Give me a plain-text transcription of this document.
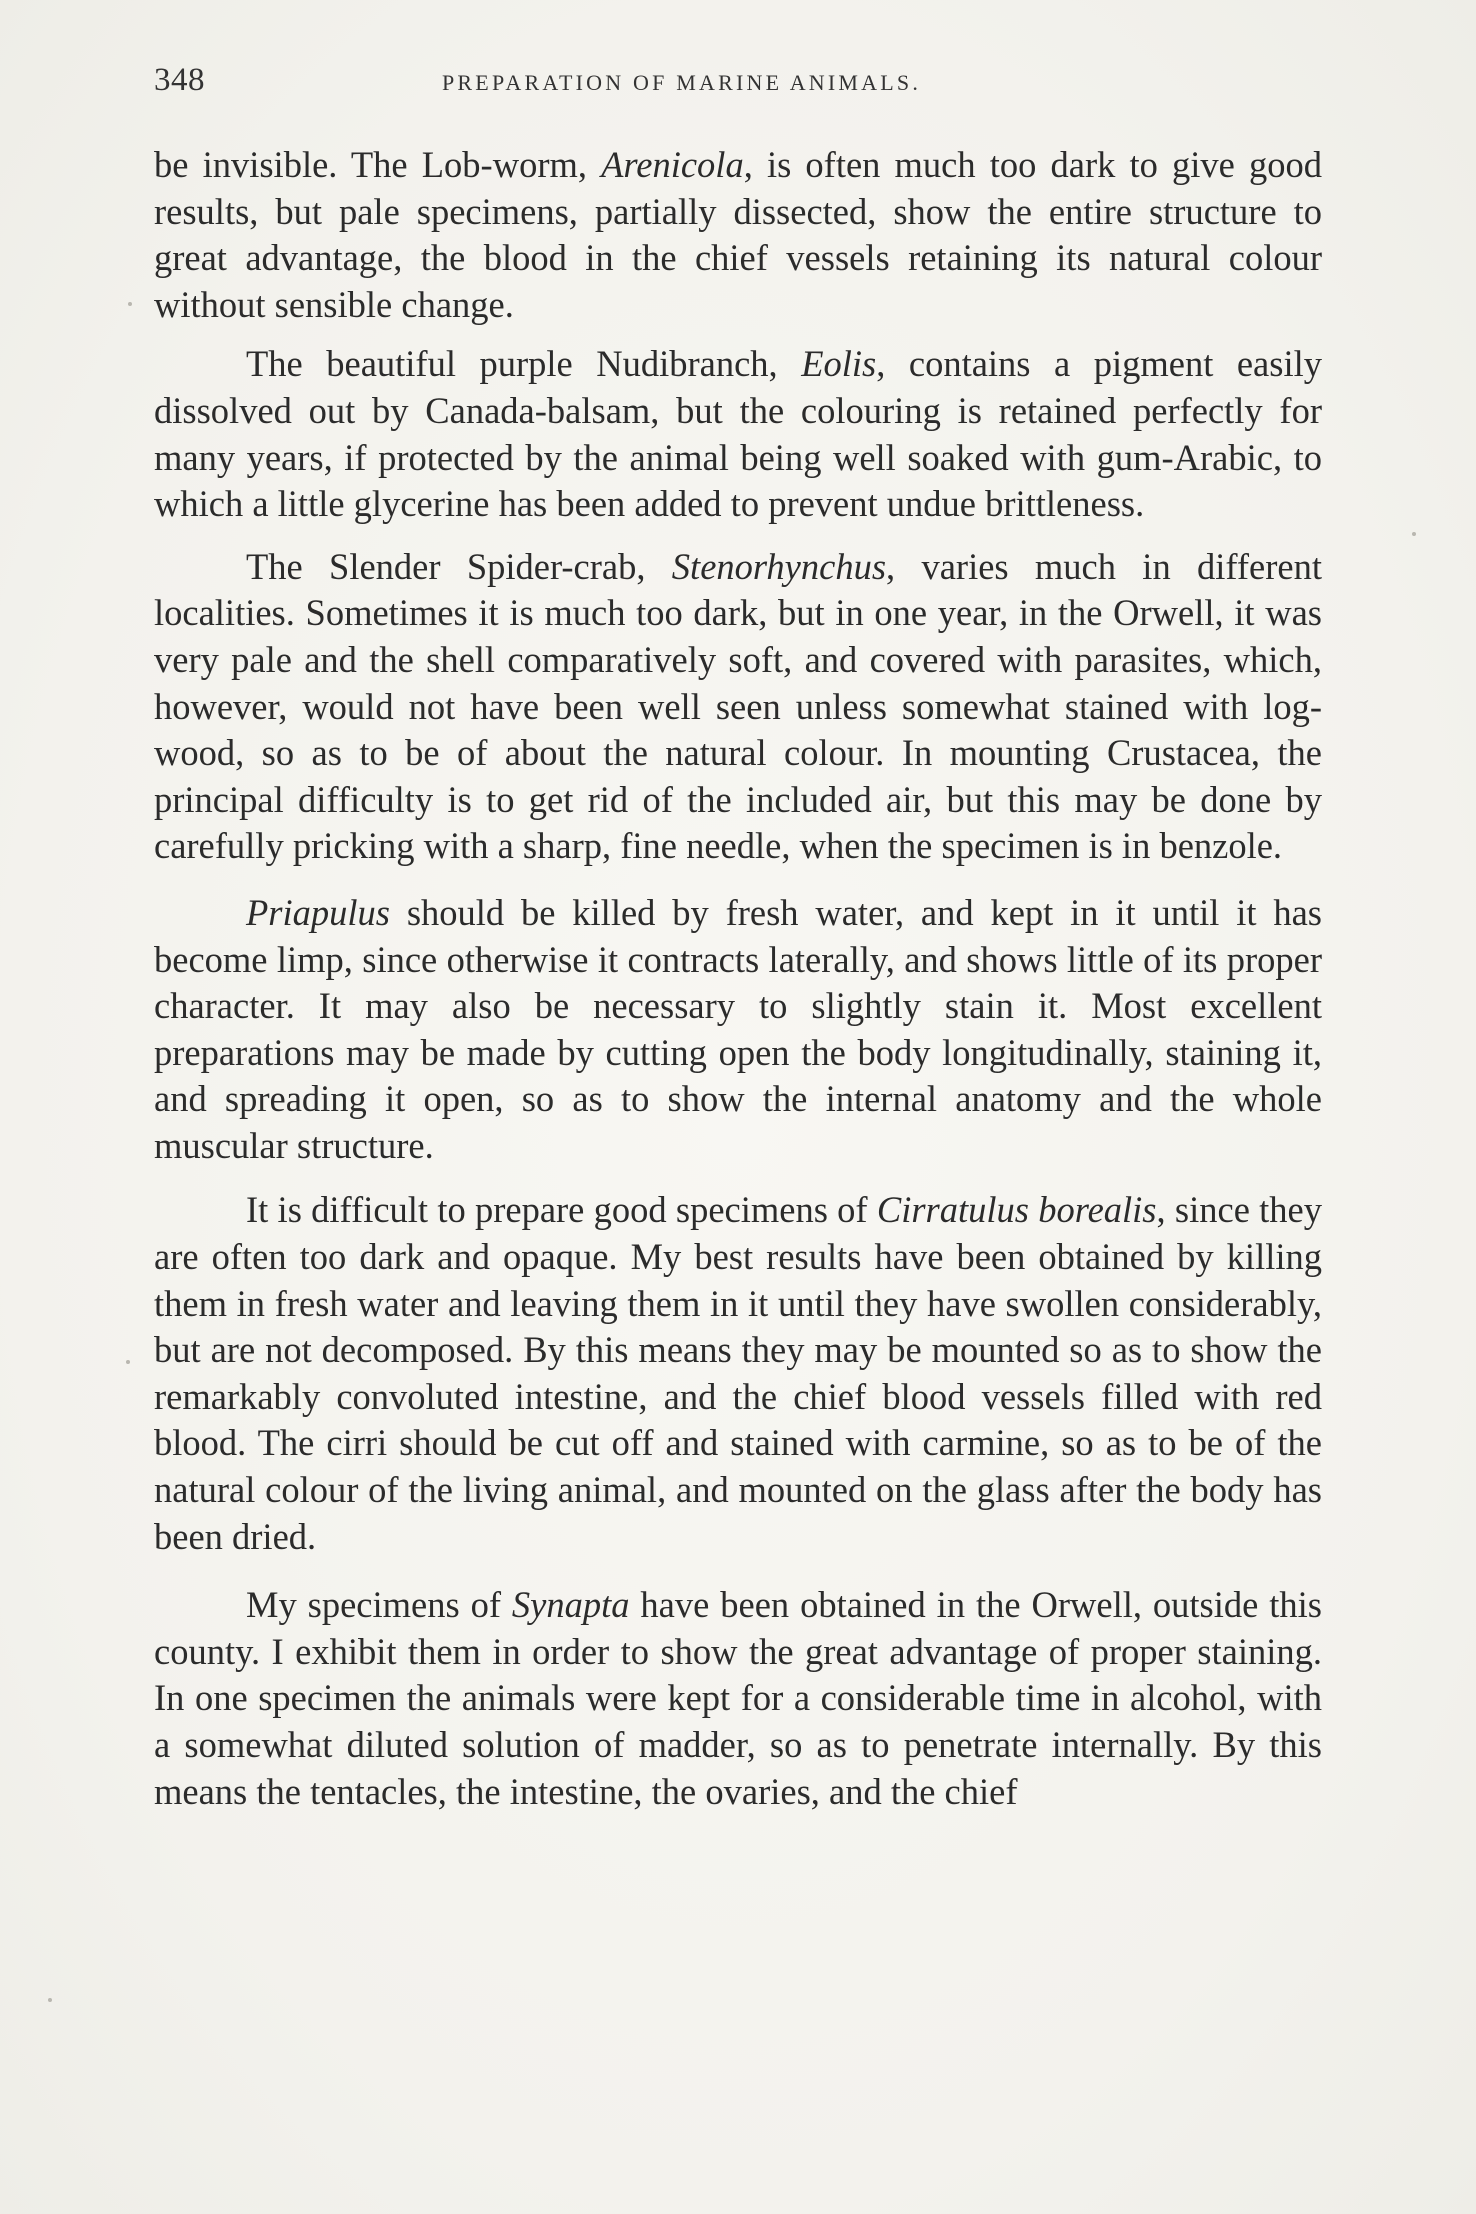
348	PREPARATION OF MARINE ANIMALS.

be invisible. The Lob-worm, Arenicola, is often much too dark to give good results, but pale specimens, partially dissected, show the entire structure to great advantage, the blood in the chief vessels retaining its natural colour without sensible change.

The beautiful purple Nudibranch, Eolis, contains a pigment easily dissolved out by Canada-balsam, but the colouring is retained perfectly for many years, if protected by the animal being well soaked with gum-Arabic, to which a little glycerine has been added to prevent undue brittleness.

The Slender Spider-crab, Stenorhynchus, varies much in different localities. Sometimes it is much too dark, but in one year, in the Orwell, it was very pale and the shell comparatively soft, and covered with parasites, which, however, would not have been well seen unless somewhat stained with log-wood, so as to be of about the natural colour. In mounting Crustacea, the principal difficulty is to get rid of the included air, but this may be done by carefully pricking with a sharp, fine needle, when the specimen is in benzole.

Priapulus should be killed by fresh water, and kept in it until it has become limp, since otherwise it contracts laterally, and shows little of its proper character. It may also be necessary to slightly stain it. Most excellent preparations may be made by cutting open the body longitudinally, staining it, and spreading it open, so as to show the internal anatomy and the whole muscular structure.

It is difficult to prepare good specimens of Cirratulus borealis, since they are often too dark and opaque. My best results have been obtained by killing them in fresh water and leaving them in it until they have swollen considerably, but are not decomposed. By this means they may be mounted so as to show the remarkably convoluted intestine, and the chief blood vessels filled with red blood. The cirri should be cut off and stained with carmine, so as to be of the natural colour of the living animal, and mounted on the glass after the body has been dried.

My specimens of Synapta have been obtained in the Orwell, outside this county. I exhibit them in order to show the great advantage of proper staining. In one specimen the animals were kept for a considerable time in alcohol, with a somewhat diluted solution of madder, so as to penetrate internally. By this means the tentacles, the intestine, the ovaries, and the chief
